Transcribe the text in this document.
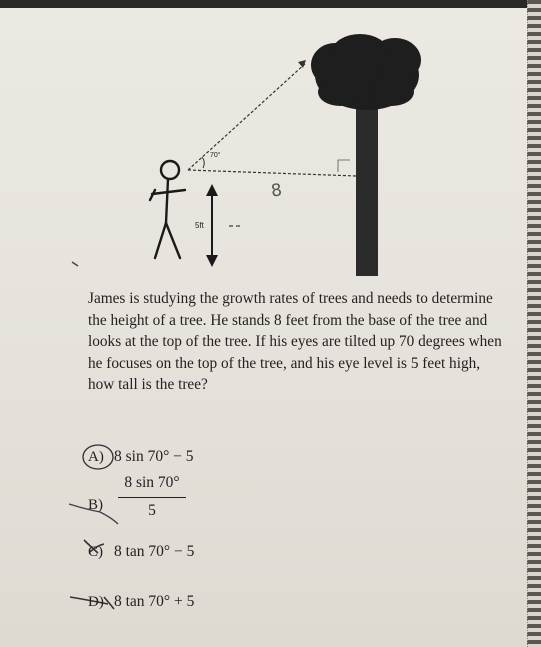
8
70°
5ft
James is studying the growth rates of trees and needs to determine the height of a tree. He stands 8 feet from the base of the tree and looks at the top of the tree. If his eyes are tilted up 70 degrees when he focuses on the top of the tree, and his eye level is 5 feet high, how tall is the tree?
A) 8 sin 70° − 5
B)
8 sin 70°
5
C) 8 tan 70° − 5
D) 8 tan 70° + 5
